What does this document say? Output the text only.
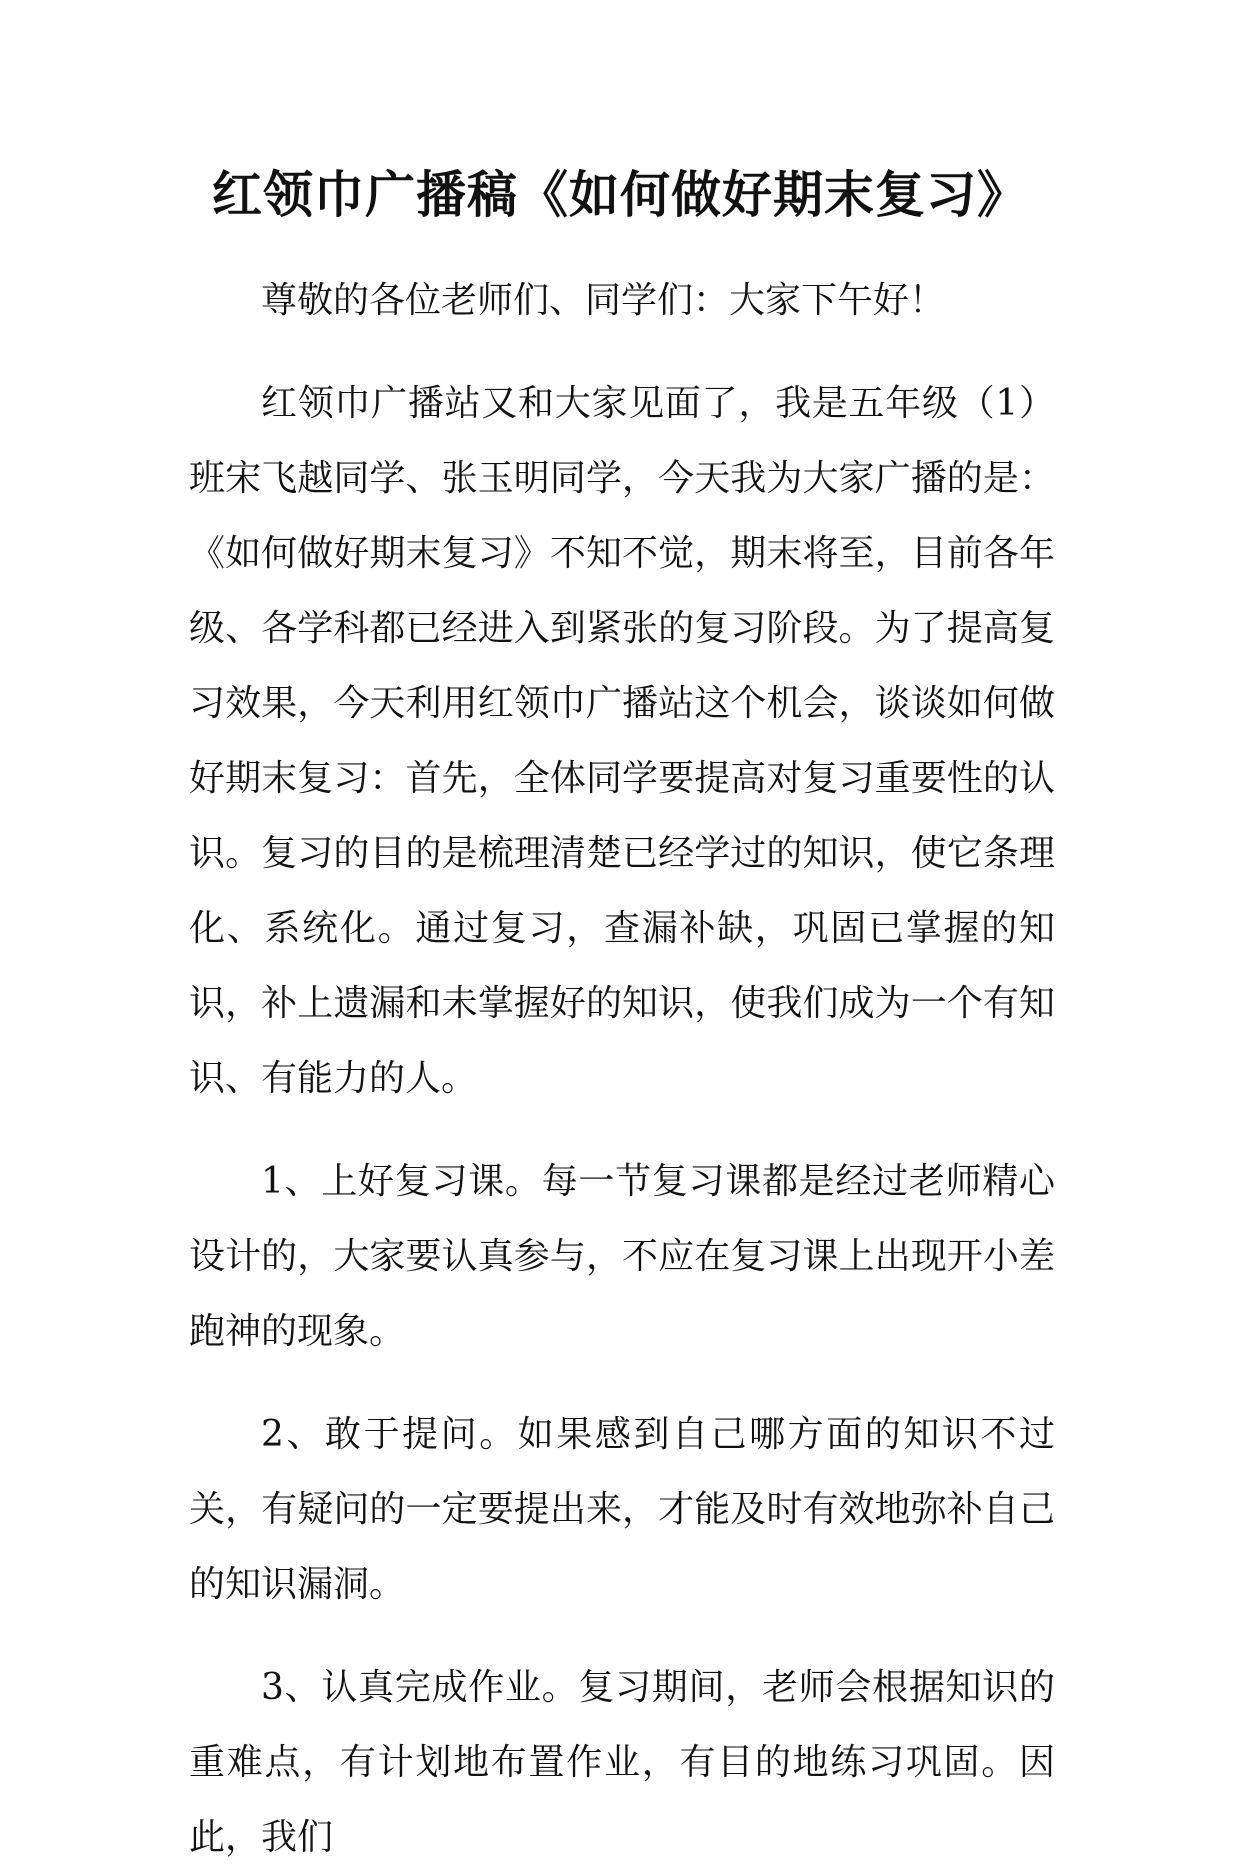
红领巾广播稿《如何做好期末复习》

尊敬的各位老师们、同学们：大家下午好！

红领巾广播站又和大家见面了，我是五年级（1）班宋飞越同学、张玉明同学，今天我为大家广播的是：《如何做好期末复习》不知不觉，期末将至，目前各年级、各学科都已经进入到紧张的复习阶段。为了提高复习效果，今天利用红领巾广播站这个机会，谈谈如何做好期末复习：首先，全体同学要提高对复习重要性的认识。复习的目的是梳理清楚已经学过的知识，使它条理化、系统化。通过复习，查漏补缺，巩固已掌握的知识，补上遗漏和未掌握好的知识，使我们成为一个有知识、有能力的人。

1、上好复习课。每一节复习课都是经过老师精心设计的，大家要认真参与，不应在复习课上出现开小差跑神的现象。

2、敢于提问。如果感到自己哪方面的知识不过关，有疑问的一定要提出来，才能及时有效地弥补自己的知识漏洞。

3、认真完成作业。复习期间，老师会根据知识的重难点，有计划地布置作业，有目的地练习巩固。因此，我们
